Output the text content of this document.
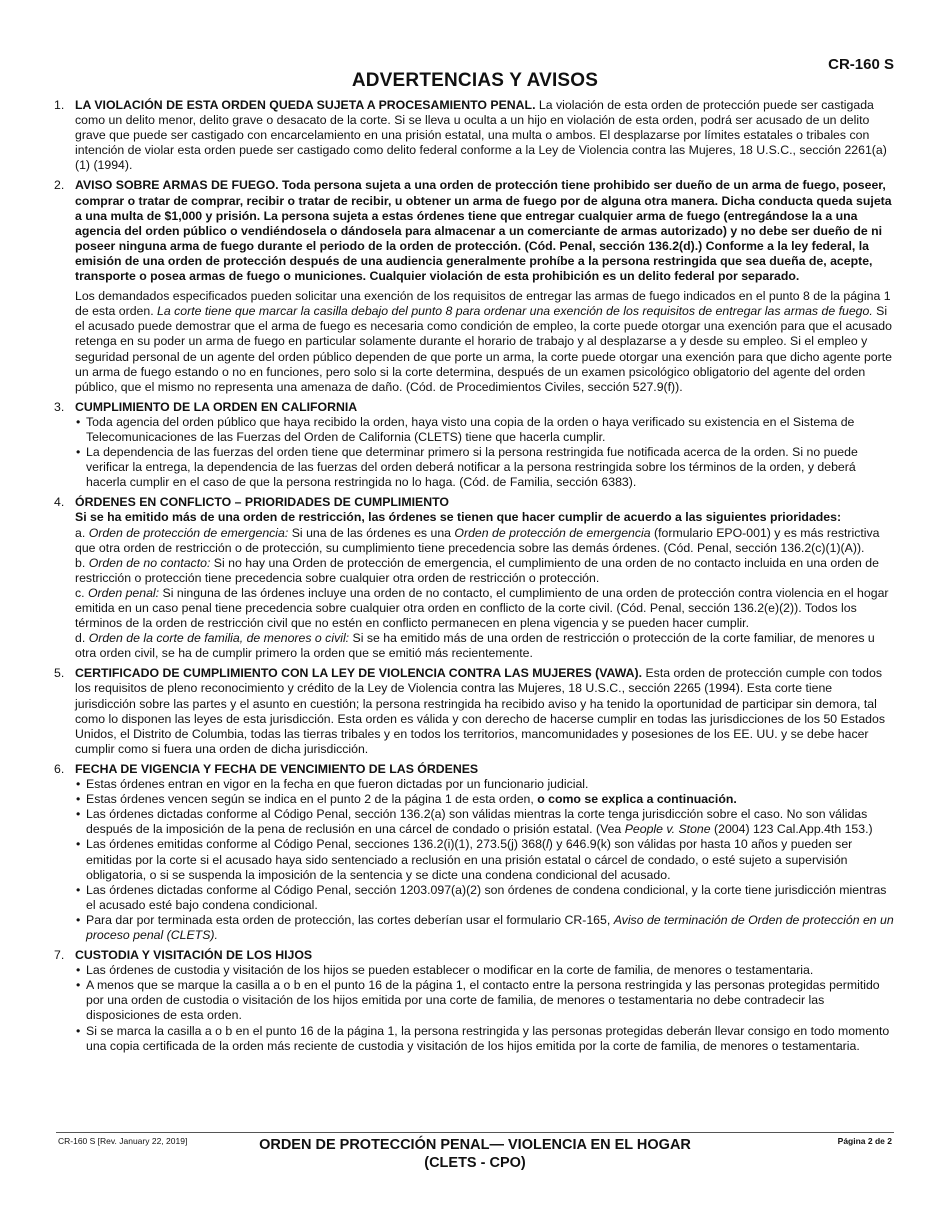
CR-160 S
ADVERTENCIAS Y AVISOS
1. LA VIOLACIÓN DE ESTA ORDEN QUEDA SUJETA A PROCESAMIENTO PENAL. La violación de esta orden de protección puede ser castigada como un delito menor, delito grave o desacato de la corte. Si se lleva u oculta a un hijo en violación de esta orden, podrá ser acusado de un delito grave que puede ser castigado con encarcelamiento en una prisión estatal, una multa o ambos. El desplazarse por límites estatales o tribales con intención de violar esta orden puede ser castigado como delito federal conforme a la Ley de Violencia contra las Mujeres, 18 U.S.C., sección 2261(a)(1) (1994).

2. AVISO SOBRE ARMAS DE FUEGO. Toda persona sujeta a una orden de protección tiene prohibido ser dueño de un arma de fuego, poseer, comprar o tratar de comprar, recibir o tratar de recibir, u obtener un arma de fuego por de alguna otra manera. Dicha conducta queda sujeta a una multa de $1,000 y prisión. La persona sujeta a estas órdenes tiene que entregar cualquier arma de fuego (entregándose la a una agencia del orden público o vendiéndosela o dándosela para almacenar a un comerciante de armas autorizado) y no debe ser dueño de ni poseer ninguna arma de fuego durante el periodo de la orden de protección. (Cód. Penal, sección 136.2(d).) Conforme a la ley federal, la emisión de una orden de protección después de una audiencia generalmente prohíbe a la persona restringida que sea dueña de, acepte, transporte o posea armas de fuego o municiones. Cualquier violación de esta prohibición es un delito federal por separado.

Los demandados especificados pueden solicitar una exención de los requisitos de entregar las armas de fuego indicados en el punto 8 de la página 1 de esta orden. La corte tiene que marcar la casilla debajo del punto 8 para ordenar una exención de los requisitos de entregar las armas de fuego. Si el acusado puede demostrar que el arma de fuego es necesaria como condición de empleo, la corte puede otorgar una exención para que el acusado retenga en su poder un arma de fuego en particular solamente durante el horario de trabajo y al desplazarse a y desde su empleo. Si el empleo y seguridad personal de un agente del orden público dependen de que porte un arma, la corte puede otorgar una exención para que dicho agente porte un arma de fuego estando o no en funciones, pero solo si la corte determina, después de un examen psicológico obligatorio del agente del orden público, que el mismo no representa una amenaza de daño. (Cód. de Procedimientos Civiles, sección 527.9(f)).

3. CUMPLIMIENTO DE LA ORDEN EN CALIFORNIA

• Toda agencia del orden público que haya recibido la orden, haya visto una copia de la orden o haya verificado su existencia en el Sistema de Telecomunicaciones de las Fuerzas del Orden de California (CLETS) tiene que hacerla cumplir.
• La dependencia de las fuerzas del orden tiene que determinar primero si la persona restringida fue notificada acerca de la orden. Si no puede verificar la entrega, la dependencia de las fuerzas del orden deberá notificar a la persona restringida sobre los términos de la orden, y deberá hacerla cumplir en el caso de que la persona restringida no lo haga. (Cód. de Familia, sección 6383).
4. ÓRDENES EN CONFLICTO – PRIORIDADES DE CUMPLIMIENTO

Si se ha emitido más de una orden de restricción, las órdenes se tienen que hacer cumplir de acuerdo a las siguientes prioridades:

a. Orden de protección de emergencia: Si una de las órdenes es una Orden de protección de emergencia (formulario EPO-001) y es más restrictiva que otra orden de restricción o de protección, su cumplimiento tiene precedencia sobre las demás órdenes. (Cód. Penal, sección 136.2(c)(1)(A)).

b. Orden de no contacto: Si no hay una Orden de protección de emergencia, el cumplimiento de una orden de no contacto incluida en una orden de restricción o protección tiene precedencia sobre cualquier otra orden de restricción o protección.

c. Orden penal: Si ninguna de las órdenes incluye una orden de no contacto, el cumplimiento de una orden de protección contra violencia en el hogar emitida en un caso penal tiene precedencia sobre cualquier otra orden en conflicto de la corte civil. (Cód. Penal, sección 136.2(e)(2)). Todos los términos de la orden de restricción civil que no estén en conflicto permanecen en plena vigencia y se pueden hacer cumplir.

d. Orden de la corte de familia, de menores o civil: Si se ha emitido más de una orden de restricción o protección de la corte familiar, de menores u otra orden civil, se ha de cumplir primero la orden que se emitió más recientemente.

5. CERTIFICADO DE CUMPLIMIENTO CON LA LEY DE VIOLENCIA CONTRA LAS MUJERES (VAWA). Esta orden de protección cumple con todos los requisitos de pleno reconocimiento y crédito de la Ley de Violencia contra las Mujeres, 18 U.S.C., sección 2265 (1994). Esta corte tiene jurisdicción sobre las partes y el asunto en cuestión; la persona restringida ha recibido aviso y ha tenido la oportunidad de participar sin demora, tal como lo disponen las leyes de esta jurisdicción. Esta orden es válida y con derecho de hacerse cumplir en todas las jurisdicciones de los 50 Estados Unidos, el Distrito de Columbia, todas las tierras tribales y en todos los territorios, mancomunidades y posesiones de los EE. UU. y se debe hacer cumplir como si fuera una orden de dicha jurisdicción.

6. FECHA DE VIGENCIA Y FECHA DE VENCIMIENTO DE LAS ÓRDENES

• Estas órdenes entran en vigor en la fecha en que fueron dictadas por un funcionario judicial.
• Estas órdenes vencen según se indica en el punto 2 de la página 1 de esta orden, o como se explica a continuación.
• Las órdenes dictadas conforme al Código Penal, sección 136.2(a) son válidas mientras la corte tenga jurisdicción sobre el caso. No son válidas después de la imposición de la pena de reclusión en una cárcel de condado o prisión estatal. (Vea People v. Stone (2004) 123 Cal.App.4th 153.)
• Las órdenes emitidas conforme al Código Penal, secciones 136.2(i)(1), 273.5(j) 368(l) y 646.9(k) son válidas por hasta 10 años y pueden ser emitidas por la corte si el acusado haya sido sentenciado a reclusión en una prisión estatal o cárcel de condado, o esté sujeto a supervisión obligatoria, o si se suspenda la imposición de la sentencia y se dicte una condena condicional del acusado.
• Las órdenes dictadas conforme al Código Penal, sección 1203.097(a)(2) son órdenes de condena condicional, y la corte tiene jurisdicción mientras el acusado esté bajo condena condicional.
• Para dar por terminada esta orden de protección, las cortes deberían usar el formulario CR-165, Aviso de terminación de Orden de protección en un proceso penal (CLETS).
7. CUSTODIA Y VISITACIÓN DE LOS HIJOS

• Las órdenes de custodia y visitación de los hijos se pueden establecer o modificar en la corte de familia, de menores o testamentaria.
• A menos que se marque la casilla a o b en el punto 16 de la página 1, el contacto entre la persona restringida y las personas protegidas permitido por una orden de custodia o visitación de los hijos emitida por una corte de familia, de menores o testamentaria no debe contradecir las disposiciones de esta orden.
• Si se marca la casilla a o b en el punto 16 de la página 1, la persona restringida y las personas protegidas deberán llevar consigo en todo momento una copia certificada de la orden más reciente de custodia y visitación de los hijos emitida por la corte de familia, de menores o testamentaria.
CR-160 S [Rev. January 22, 2019]	ORDEN DE PROTECCIÓN PENAL— VIOLENCIA EN EL HOGAR
(CLETS - CPO)
Página 2 de 2
